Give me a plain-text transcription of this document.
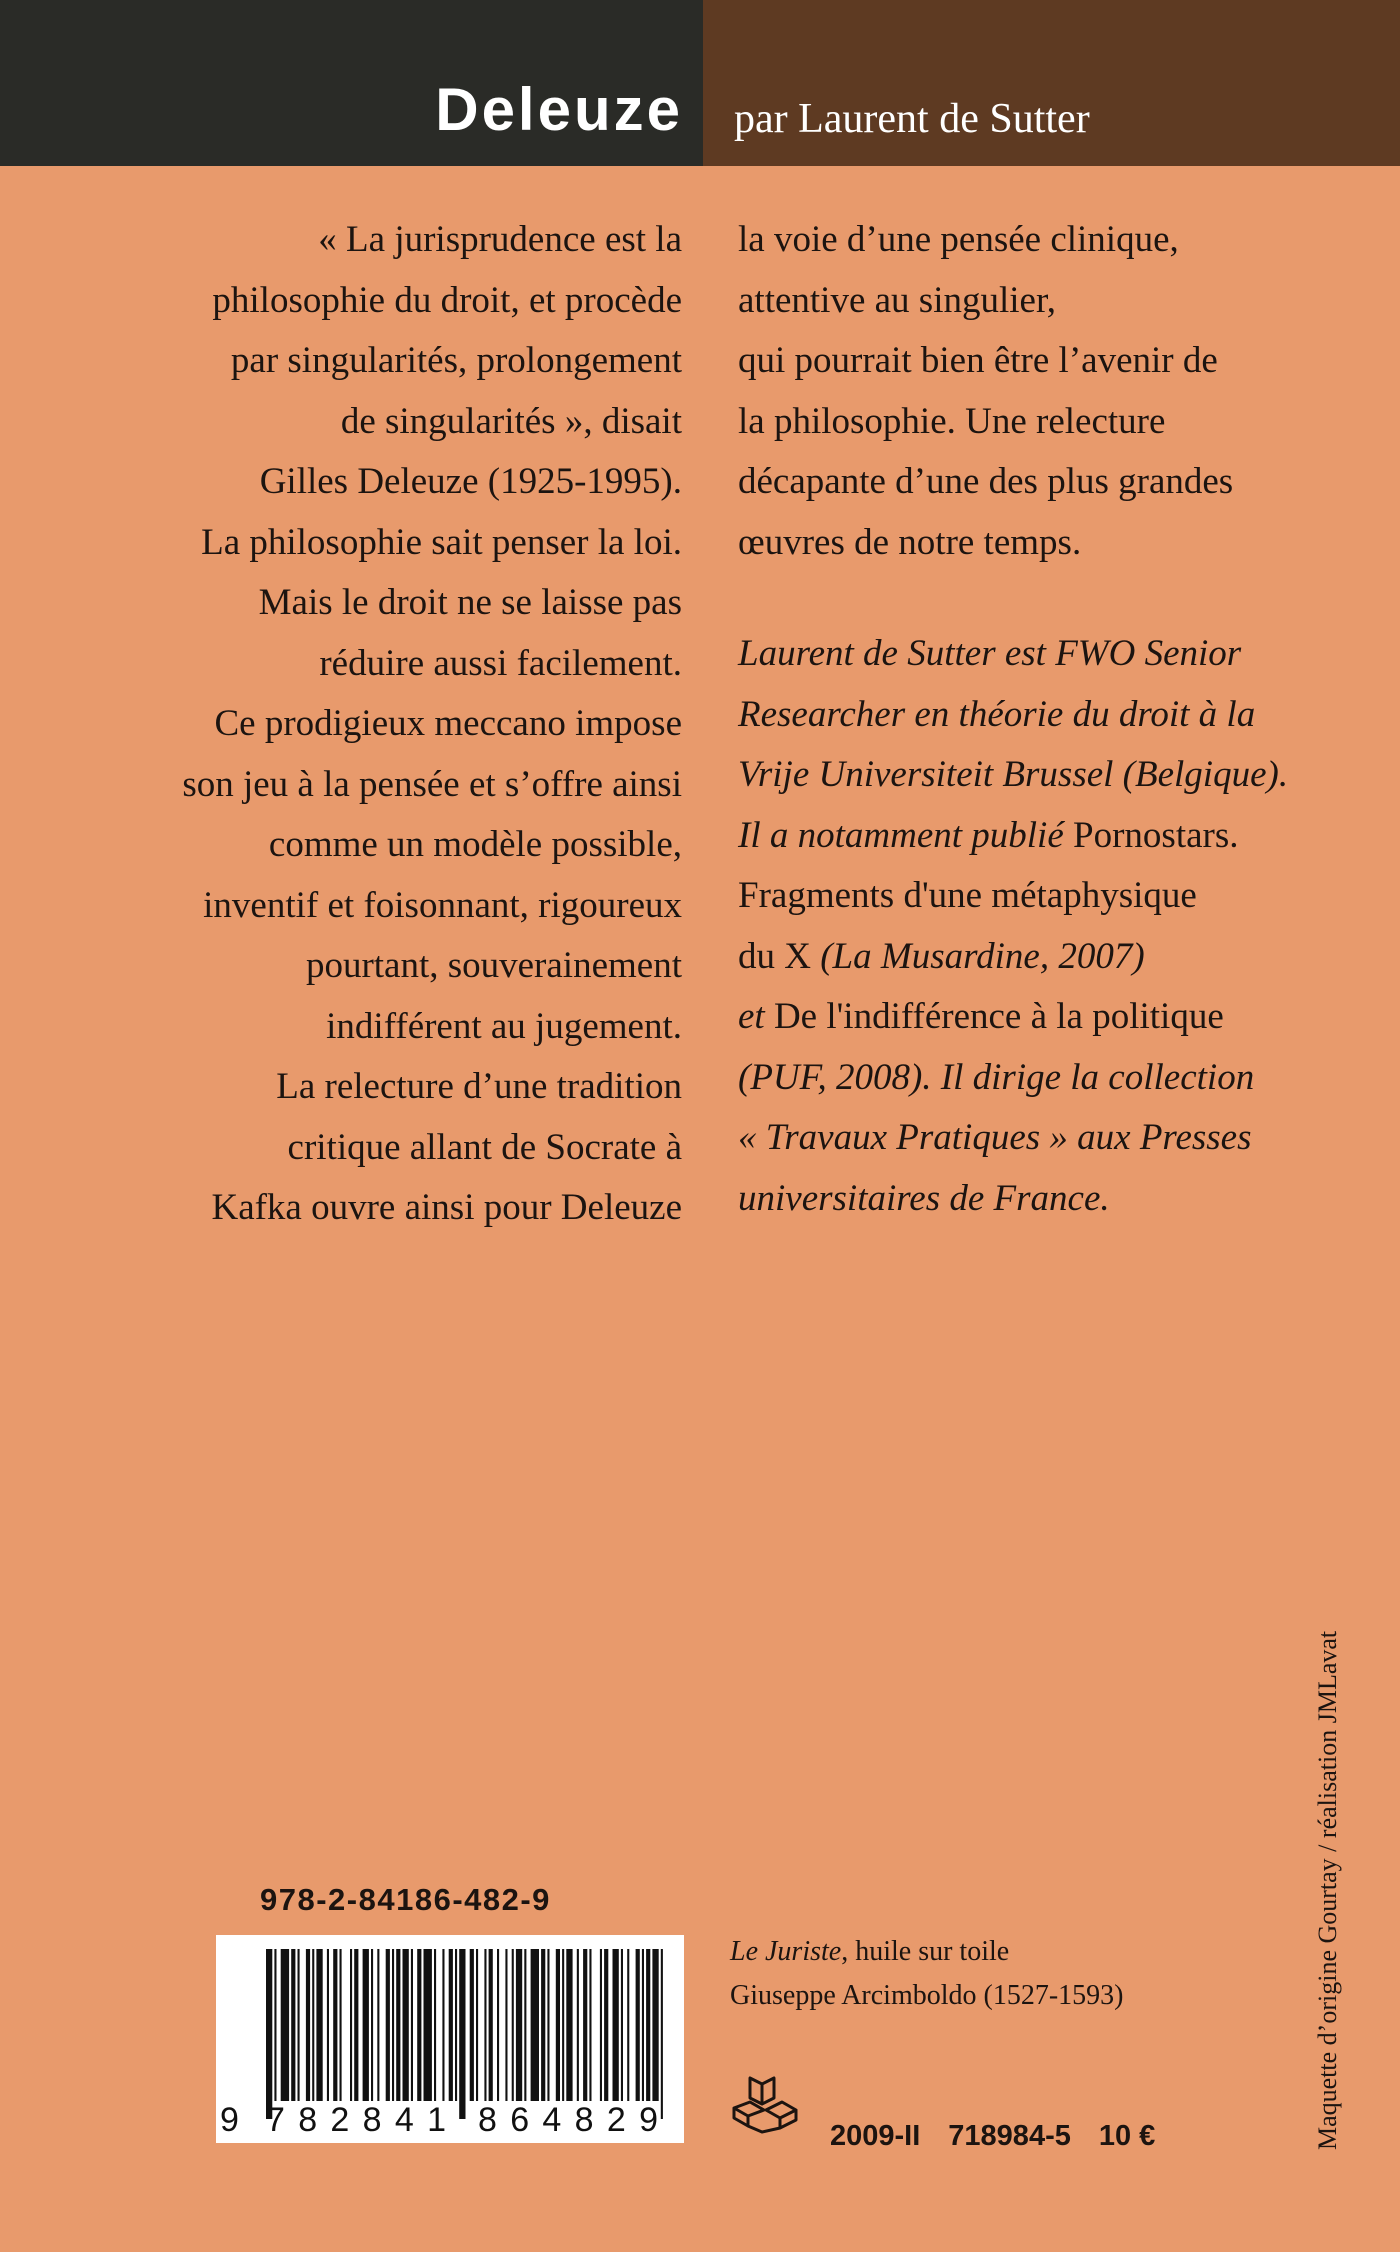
Deleuze par Laurent de Sutter
« La jurisprudence est la
philosophie du droit, et procède
par singularités, prolongement
de singularités », disait
Gilles Deleuze (1925-1995).
La philosophie sait penser la loi.
Mais le droit ne se laisse pas
réduire aussi facilement.
Ce prodigieux meccano impose
son jeu à la pensée et s’offre ainsi
comme un modèle possible,
inventif et foisonnant, rigoureux
pourtant, souverainement
indifférent au jugement.
La relecture d’une tradition
critique allant de Socrate à
Kafka ouvre ainsi pour Deleuze
la voie d’une pensée clinique,
attentive au singulier,
qui pourrait bien être l’avenir de
la philosophie. Une relecture
décapante d’une des plus grandes
œuvres de notre temps.
Laurent de Sutter est FWO Senior
Researcher en théorie du droit à la
Vrije Universiteit Brussel (Belgique).
Il a notamment publié Pornostars.
Fragments d'une métaphysique
du X (La Musardine, 2007)
et De l'indifférence à la politique
(PUF, 2008). Il dirige la collection
« Travaux Pratiques » aux Presses
universitaires de France.
978-2-84186-482-9
9 782841 864829
Le Juriste, huile sur toile
Giuseppe Arcimboldo (1527-1593)
2009-II 718984-5 10 €	Maquette d’origine Gourtay / réalisation JMLavat
